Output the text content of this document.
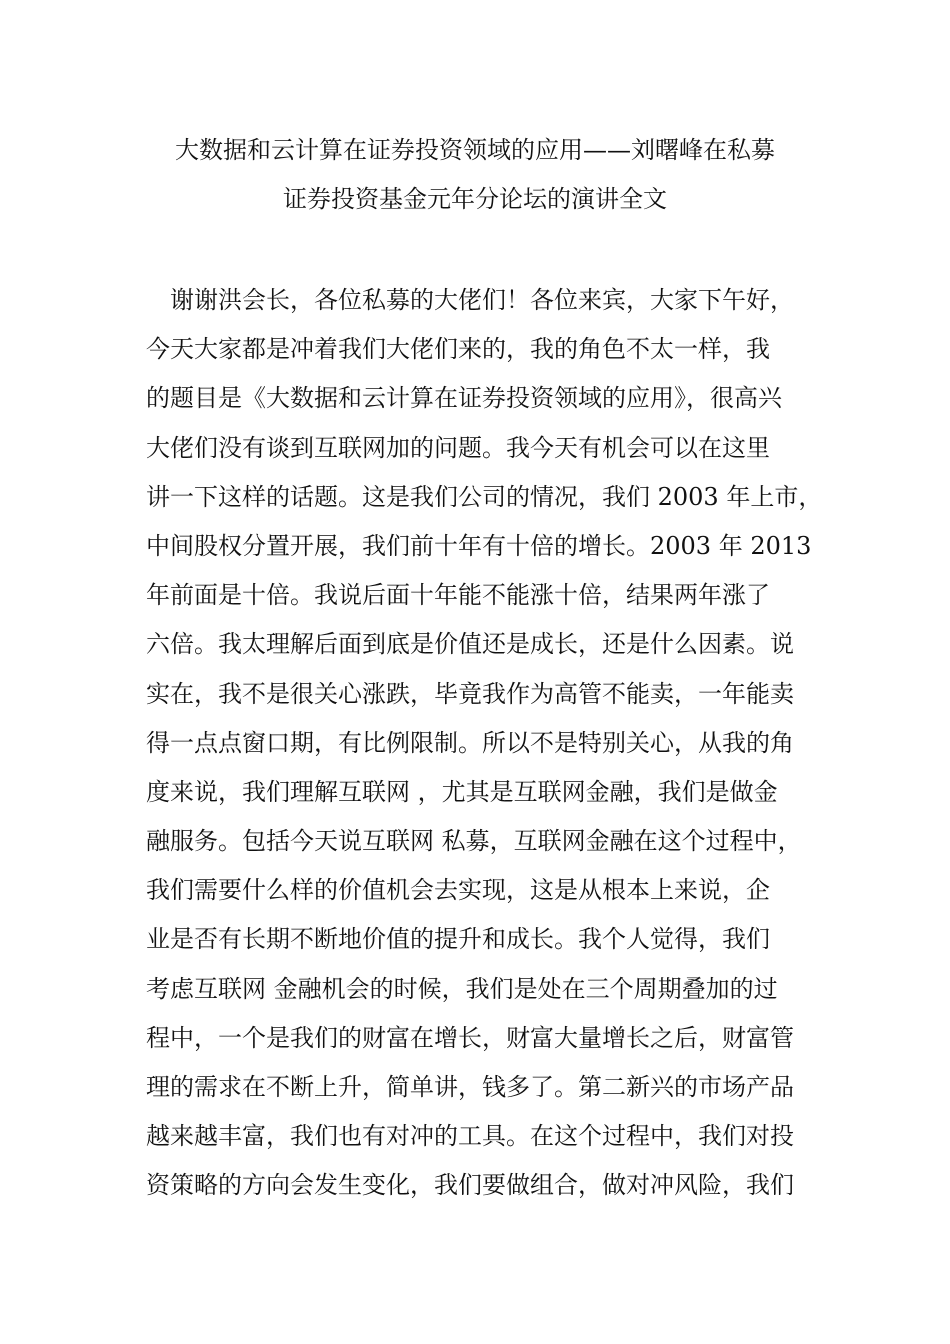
大数据和云计算在证券投资领域的应用——刘曙峰在私募
证券投资基金元年分论坛的演讲全文
　谢谢洪会长，各位私募的大佬们！各位来宾，大家下午好，
今天大家都是冲着我们大佬们来的，我的角色不太一样，我
的题目是《大数据和云计算在证券投资领域的应用》，很高兴
大佬们没有谈到互联网加的问题。我今天有机会可以在这里
讲一下这样的话题。这是我们公司的情况，我们 2003 年上市，
中间股权分置开展，我们前十年有十倍的增长。2003 年 2013
年前面是十倍。我说后面十年能不能涨十倍，结果两年涨了
六倍。我太理解后面到底是价值还是成长，还是什么因素。说
实在，我不是很关心涨跌，毕竟我作为高管不能卖，一年能卖
得一点点窗口期，有比例限制。所以不是特别关心，从我的角
度来说，我们理解互联网 ，尤其是互联网金融，我们是做金
融服务。包括今天说互联网 私募，互联网金融在这个过程中，
我们需要什么样的价值机会去实现，这是从根本上来说，企
业是否有长期不断地价值的提升和成长。我个人觉得，我们
考虑互联网 金融机会的时候，我们是处在三个周期叠加的过
程中，一个是我们的财富在增长，财富大量增长之后，财富管
理的需求在不断上升，简单讲，钱多了。第二新兴的市场产品
越来越丰富，我们也有对冲的工具。在这个过程中，我们对投
资策略的方向会发生变化，我们要做组合，做对冲风险，我们
